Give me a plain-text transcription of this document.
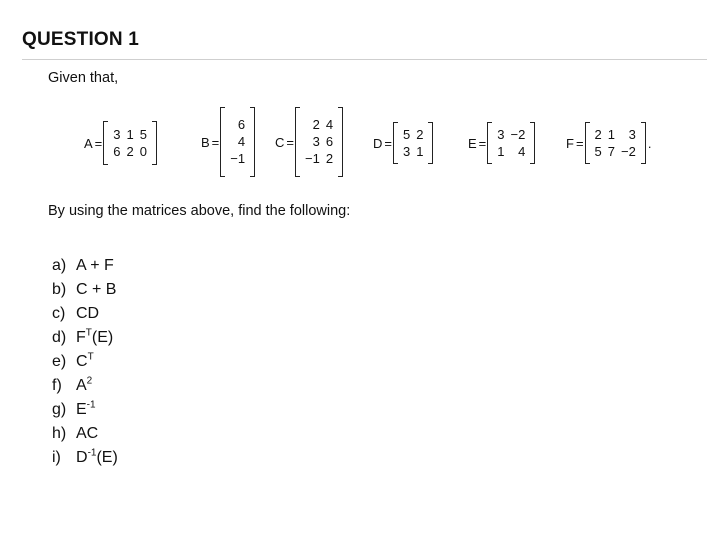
QUESTION 1
Given that,
A =
3 1 5
6 2 0
B =
6
4
−1
C =
2 4
3 6
−1 2
D =
5 2
3 1
E =
3 −2
1	4
F =
2 1	3
5 7 −2
.
By using the matrices above, find the following:
a) A + F
b) C + B
c) CD
d) $F^T(E)$
e) $C^T$
f) $A^2$
g) $E^{-1}$
h) AC
i) $D^{-1}(E)$
